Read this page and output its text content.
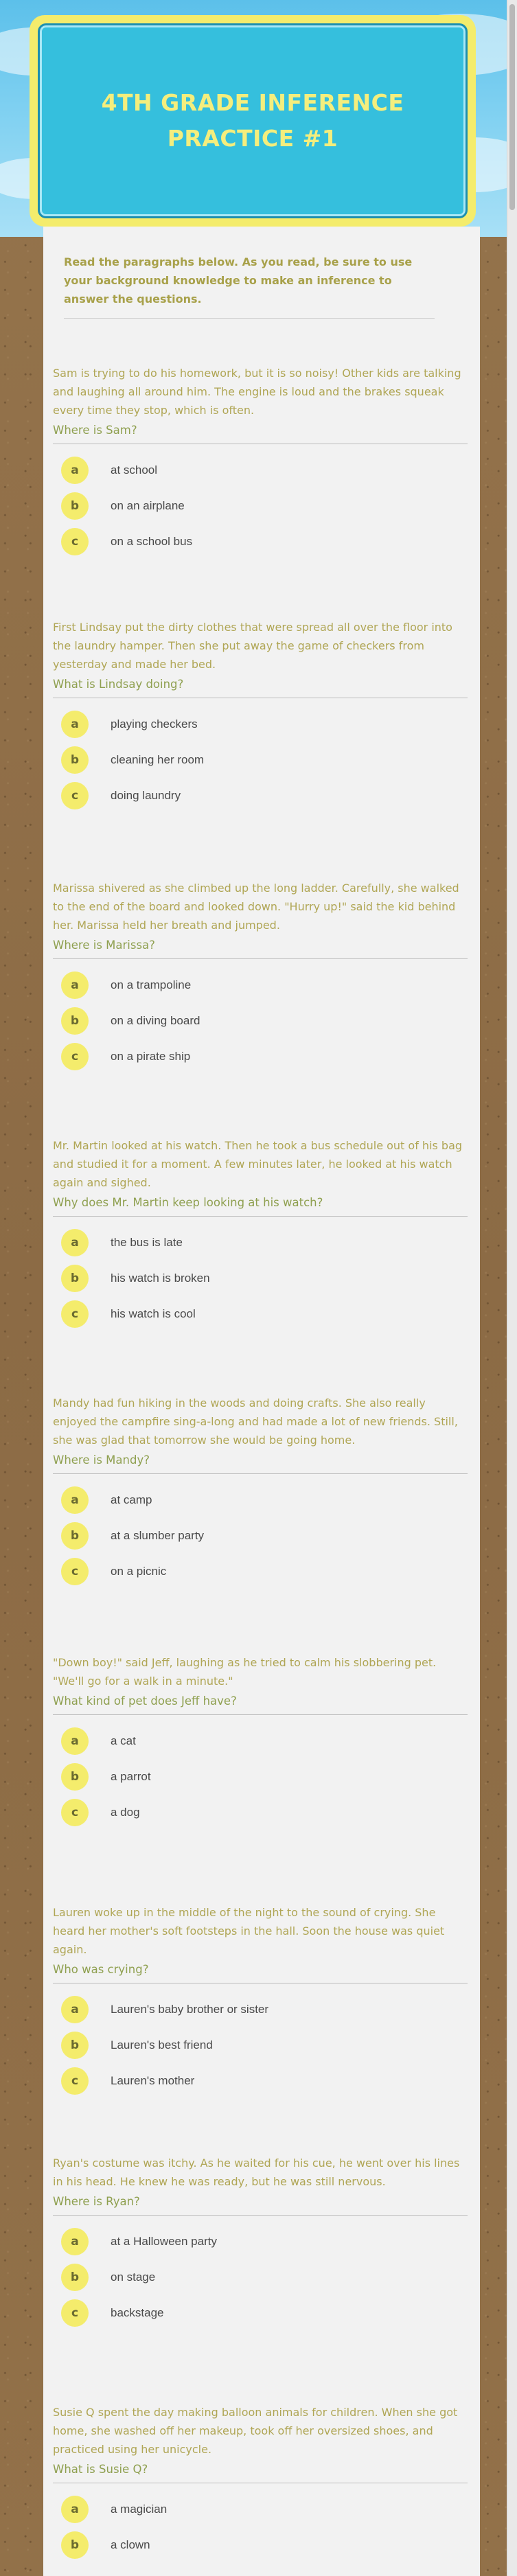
4TH GRADE INFERENCE PRACTICE #1
Read the paragraphs below. As you read, be sure to use your background knowledge to make an inference to answer the questions.
Sam is trying to do his homework, but it is so noisy! Other kids are talking and laughing all around him. The engine is loud and the brakes squeak every time they stop, which is often.
Where is Sam?
a	at school
b	on an airplane
c	on a school bus
First Lindsay put the dirty clothes that were spread all over the floor into the laundry hamper. Then she put away the game of checkers from yesterday and made her bed.
What is Lindsay doing?
a	playing checkers
b	cleaning her room
c	doing laundry
Marissa shivered as she climbed up the long ladder. Carefully, she walked to the end of the board and looked down. "Hurry up!" said the kid behind her. Marissa held her breath and jumped.
Where is Marissa?
a	on a trampoline
b	on a diving board
c	on a pirate ship
Mr. Martin looked at his watch. Then he took a bus schedule out of his bag and studied it for a moment. A few minutes later, he looked at his watch again and sighed.
Why does Mr. Martin keep looking at his watch?
a	the bus is late
b	his watch is broken
c	his watch is cool
Mandy had fun hiking in the woods and doing crafts. She also really enjoyed the campfire sing-a-long and had made a lot of new friends. Still, she was glad that tomorrow she would be going home.
Where is Mandy?
a	at camp
b	at a slumber party
c	on a picnic
"Down boy!" said Jeff, laughing as he tried to calm his slobbering pet. "We'll go for a walk in a minute."
What kind of pet does Jeff have?
a	a cat
b	a parrot
c	a dog
Lauren woke up in the middle of the night to the sound of crying. She heard her mother's soft footsteps in the hall. Soon the house was quiet again.
Who was crying?
a	Lauren's baby brother or sister
b	Lauren's best friend
c	Lauren's mother
Ryan's costume was itchy. As he waited for his cue, he went over his lines in his head. He knew he was ready, but he was still nervous.
Where is Ryan?
a	at a Halloween party
b	on stage
c	backstage
Susie Q spent the day making balloon animals for children. When she got home, she washed off her makeup, took off her oversized shoes, and practiced using her unicycle.
What is Susie Q?
a	a magician
b	a clown
